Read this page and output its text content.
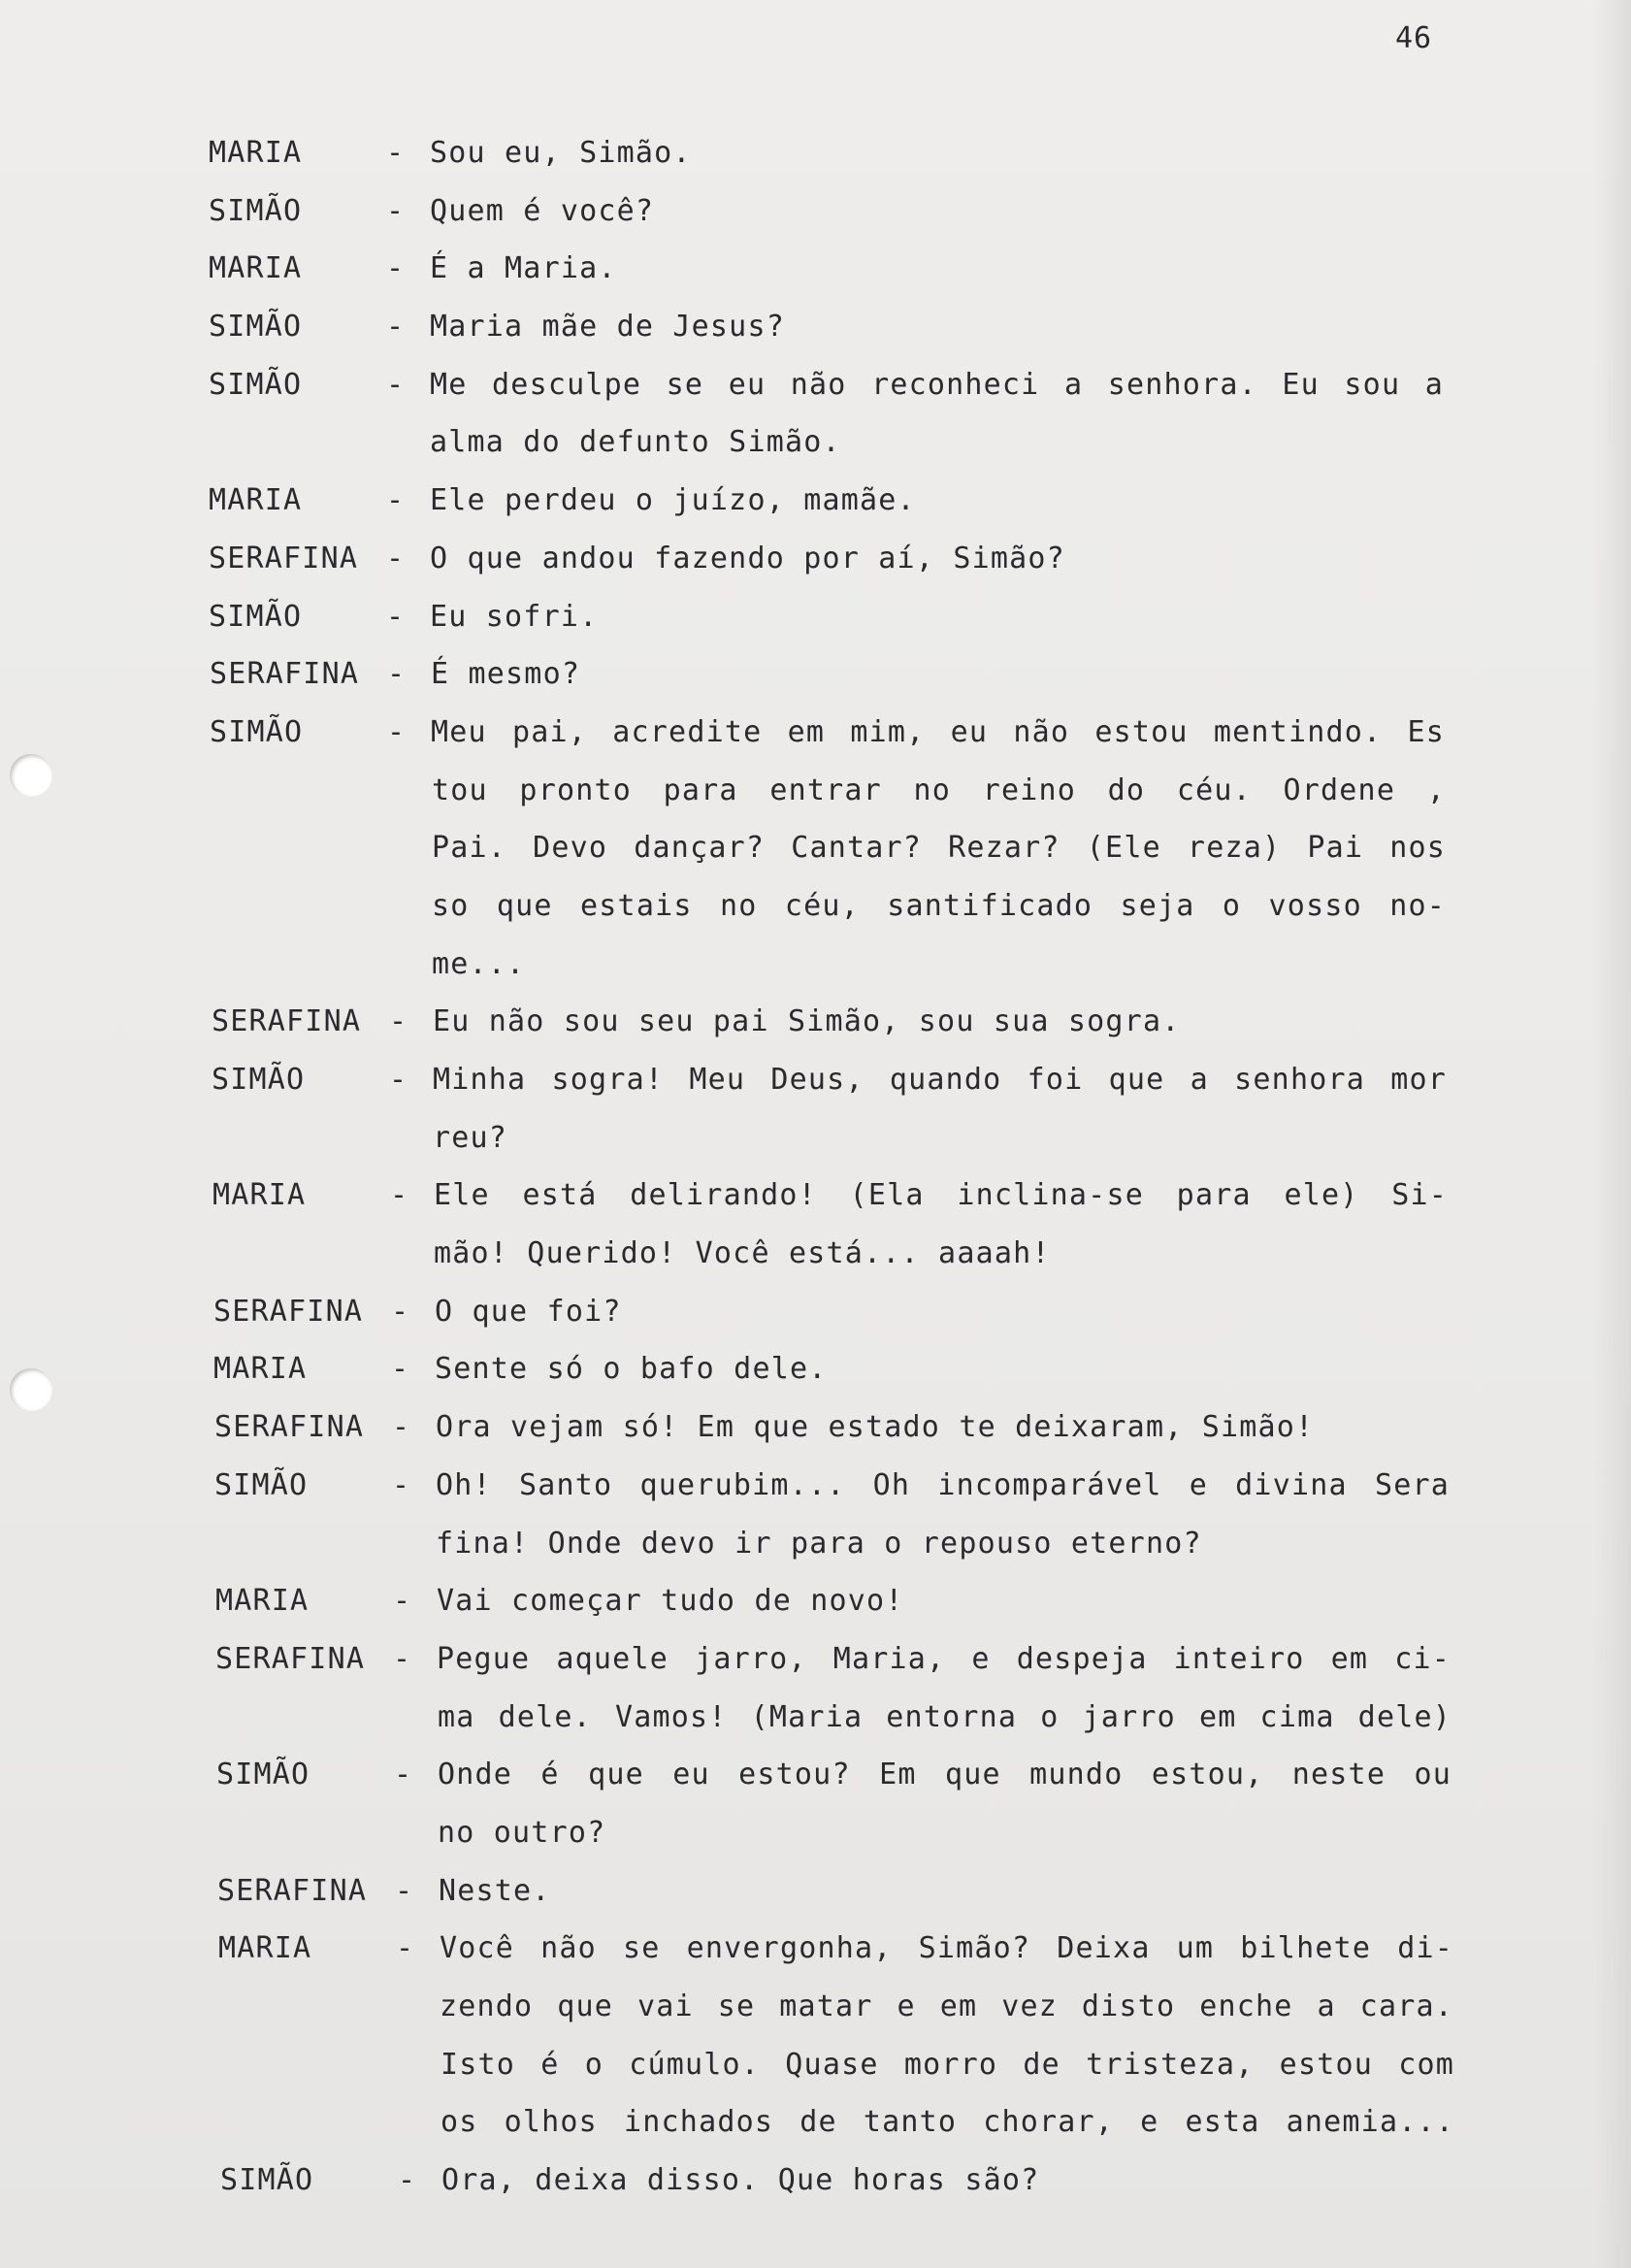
46
MARIA	- Sou eu, Simão.
SIMÃO	- Quem é você?
MARIA	- É a Maria.
SIMÃO	- Maria mãe de Jesus?
SIMÃO	- Me desculpe se eu não reconheci a senhora. Eu sou a
alma do defunto Simão.
MARIA	- Ele perdeu o juízo, mamãe.
SERAFINA - O que andou fazendo por aí, Simão?
SIMÃO	- Eu sofri.
SERAFINA - É mesmo?
SIMÃO	- Meu pai, acredite em mim, eu não estou mentindo. Es
tou pronto para entrar no reino do céu. Ordene ,
Pai. Devo dançar? Cantar? Rezar? (Ele reza) Pai nos
so que estais no céu, santificado seja o vosso no-
me...
SERAFINA - Eu não sou seu pai Simão, sou sua sogra.
SIMÃO	- Minha sogra! Meu Deus, quando foi que a senhora mor
reu?
MARIA	- Ele está delirando! (Ela inclina-se para ele) Si-
mão! Querido! Você está... aaaah!
SERAFINA - O que foi?
MARIA	- Sente só o bafo dele.
SERAFINA - Ora vejam só! Em que estado te deixaram, Simão!
SIMÃO	- Oh! Santo querubim... Oh incomparável e divina Sera
fina! Onde devo ir para o repouso eterno?
MARIA	- Vai começar tudo de novo!
SERAFINA - Pegue aquele jarro, Maria, e despeja inteiro em ci-
ma dele. Vamos! (Maria entorna o jarro em cima dele)
SIMÃO	- Onde é que eu estou? Em que mundo estou, neste ou
no outro?
SERAFINA - Neste.
MARIA	- Você não se envergonha, Simão? Deixa um bilhete di-
zendo que vai se matar e em vez disto enche a cara.
Isto é o cúmulo. Quase morro de tristeza, estou com
os olhos inchados de tanto chorar, e esta anemia...
SIMÃO	- Ora, deixa disso. Que horas são?
